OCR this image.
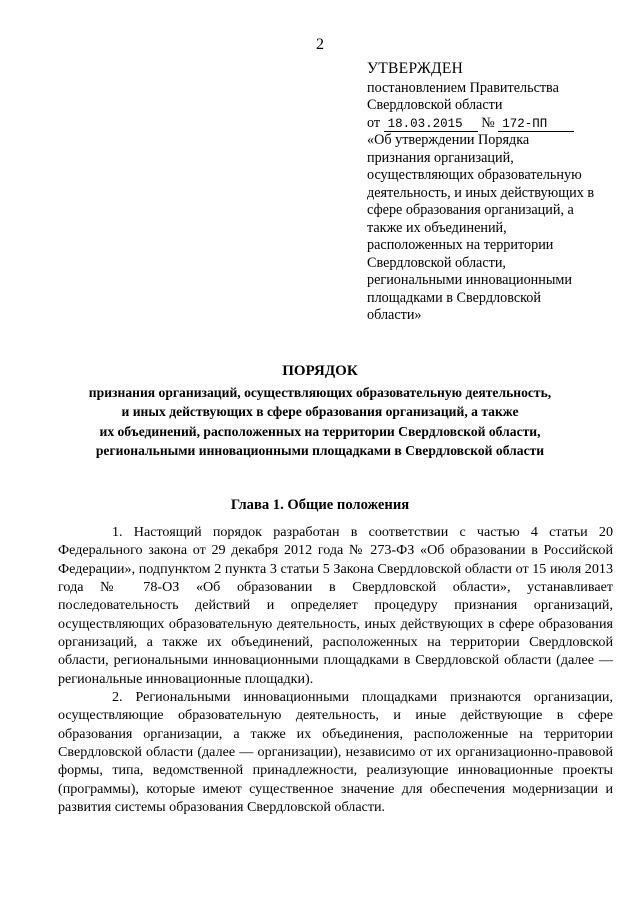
2
УТВЕРЖДЕН
постановлением Правительства
Свердловской области
от 18.03.2015 № 172-ПП
«Об утверждении Порядка
признания организаций,
осуществляющих образовательную
деятельность, и иных действующих в
сфере образования организаций, а
также их объединений,
расположенных на территории
Свердловской области,
региональными инновационными
площадками в Свердловской
области»
ПОРЯДОК
признания организаций, осуществляющих образовательную деятельность,
и иных действующих в сфере образования организаций, а также
их объединений, расположенных на территории Свердловской области,
региональными инновационными площадками в Свердловской области
Глава 1. Общие положения

1. Настоящий порядок разработан в соответствии с частью 4 статьи 20 Федерального закона от 29 декабря 2012 года № 273-ФЗ «Об образовании в Российской Федерации», подпунктом 2 пункта 3 статьи 5 Закона Свердловской области от 15 июля 2013 года № 78-ОЗ «Об образовании в Свердловской области», устанавливает последовательность действий и определяет процедуру признания организаций, осуществляющих образовательную деятельность, иных действующих в сфере образования организаций, а также их объединений, расположенных на территории Свердловской области, региональными инновационными площадками в Свердловской области (далее — региональные инновационные площадки).

2. Региональными инновационными площадками признаются организации, осуществляющие образовательную деятельность, и иные действующие в сфере образования организации, а также их объединения, расположенные на территории Свердловской области (далее — организации), независимо от их организационно-правовой формы, типа, ведомственной принадлежности, реализующие инновационные проекты (программы), которые имеют существенное значение для обеспечения модернизации и развития системы образования Свердловской области.
